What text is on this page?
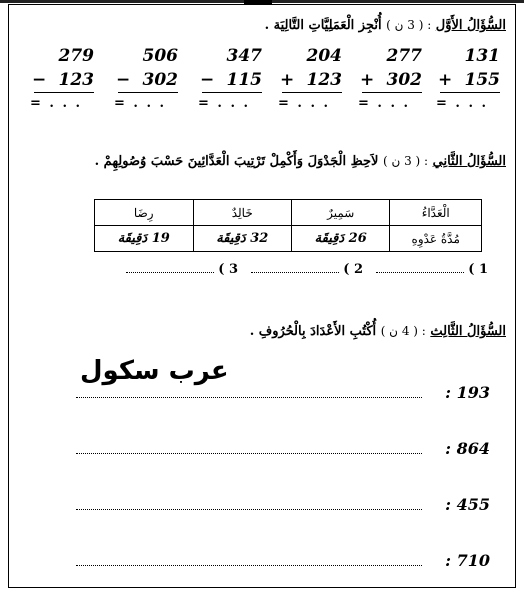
السُّؤَالُ الأَوَّل : ( 3 ن ) أُنْجِز الْعَمَلِيَّاتِ التَّالِيَة .
279
− 123
= . . .
506
− 302
= . . .
347
− 115
= . . .
204
+ 123
= . . .
277
+ 302
= . . .
131
+ 155
= . . .
السُّؤَالُ الثَّانِي : ( 3 ن ) لاَحِظِ الْجَدْوَلَ وَأَكْمِلْ تَرْتِيبَ الْعَدَّائِينَ حَسْبَ وُصُولِهِمْ .
الْعَدَّاءُ	سَمِيرٌ	خَالِدٌ	رِضَا
مُدَّةُ عَدْوِهِ	26 دَقِيقَة	32 دَقِيقَة	19 دَقِيقَة
1 ) 2 ) 3 )
السُّؤَالُ الثَّالِث : ( 4 ن ) أُكْتُبِ الأَعْدَادَ بِالْحُرُوفِ .
عرب سكول
: 193
: 864
: 455
: 710
